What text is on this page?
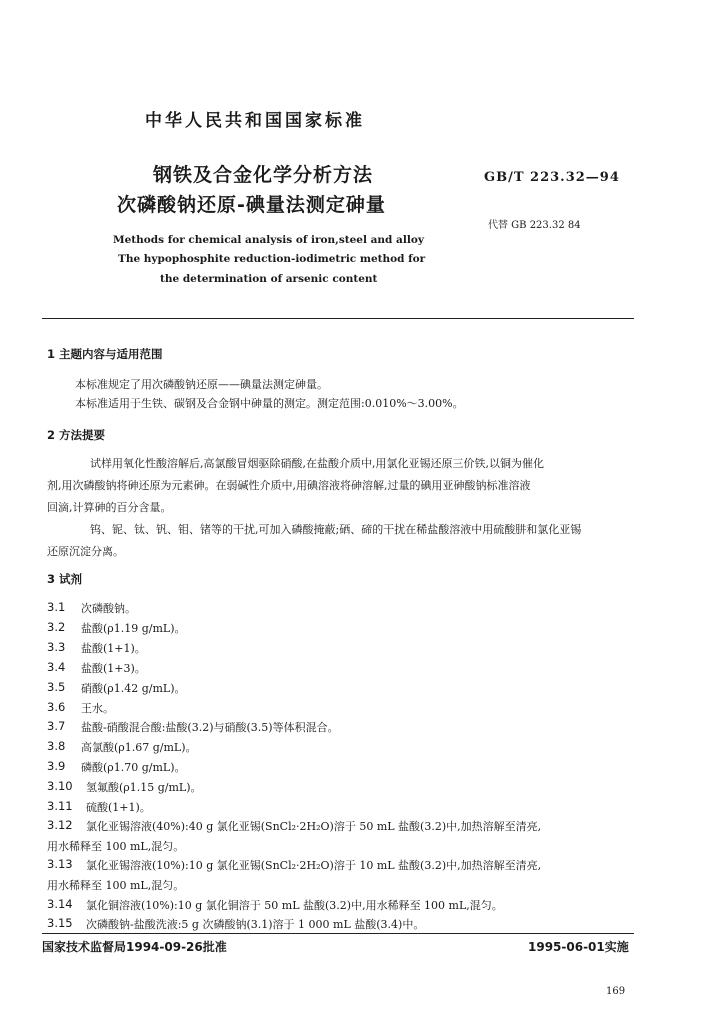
中华人民共和国国家标准
钢铁及合金化学分析方法
次磷酸钠还原-碘量法测定砷量
GB/T 223.32—94
代替 GB 223.32 84
Methods for chemical analysis of iron,steel and alloy
The hypophosphite reduction-iodimetric method for
the determination of arsenic content
1 主题内容与适用范围
本标准规定了用次磷酸钠还原——碘量法测定砷量。
本标准适用于生铁、碳钢及合金钢中砷量的测定。测定范围:0.010%～3.00%。
2 方法提要
试样用氧化性酸溶解后,高氯酸冒烟驱除硝酸,在盐酸介质中,用氯化亚锡还原三价铁,以铜为催化
剂,用次磷酸钠将砷还原为元素砷。在弱碱性介质中,用碘溶液将砷溶解,过量的碘用亚砷酸钠标准溶液
回滴,计算砷的百分含量。
钨、铌、钛、钒、钼、锗等的干扰,可加入磷酸掩蔽;硒、碲的干扰在稀盐酸溶液中用硫酸肼和氯化亚锡
还原沉淀分离。
3 试剂
3.1 次磷酸钠。
3.2 盐酸(ρ1.19 g/mL)。
3.3 盐酸(1+1)。
3.4 盐酸(1+3)。
3.5 硝酸(ρ1.42 g/mL)。
3.6 王水。
3.7 盐酸-硝酸混合酸:盐酸(3.2)与硝酸(3.5)等体积混合。
3.8 高氯酸(ρ1.67 g/mL)。
3.9 磷酸(ρ1.70 g/mL)。
3.10 氢氟酸(ρ1.15 g/mL)。
3.11 硫酸(1+1)。
3.12 氯化亚锡溶液(40%):40 g 氯化亚锡(SnCl₂·2H₂O)溶于 50 mL 盐酸(3.2)中,加热溶解至清亮,
用水稀释至 100 mL,混匀。
3.13 氯化亚锡溶液(10%):10 g 氯化亚锡(SnCl₂·2H₂O)溶于 10 mL 盐酸(3.2)中,加热溶解至清亮,
用水稀释至 100 mL,混匀。
3.14 氯化铜溶液(10%):10 g 氯化铜溶于 50 mL 盐酸(3.2)中,用水稀释至 100 mL,混匀。
3.15 次磷酸钠-盐酸洗液:5 g 次磷酸钠(3.1)溶于 1 000 mL 盐酸(3.4)中。
国家技术监督局1994-09-26批准	1995-06-01实施
169
